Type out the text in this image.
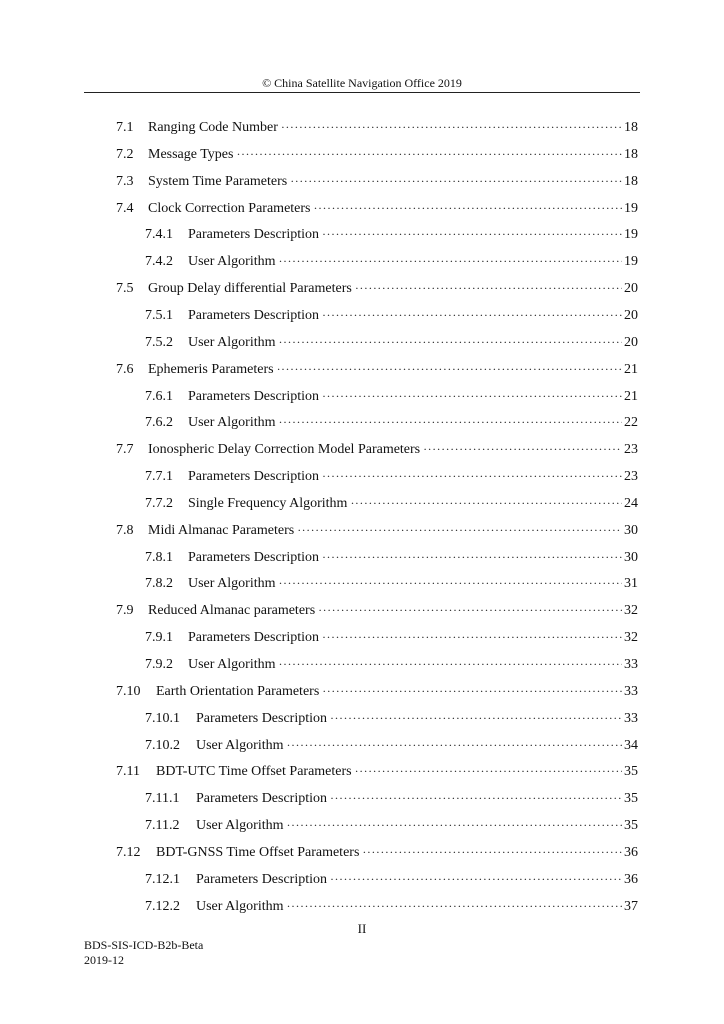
© China Satellite Navigation Office 2019
7.1	Ranging Code Number ·····	18
7.2	Message Types ·····	18
7.3	System Time Parameters ·····	18
7.4	Clock Correction Parameters ·····	19
7.4.1	Parameters Description ·····	19
7.4.2	User Algorithm ·····	19
7.5	Group Delay differential Parameters ·····	20
7.5.1	Parameters Description ·····	20
7.5.2	User Algorithm ·····	20
7.6	Ephemeris Parameters ·····	21
7.6.1	Parameters Description ·····	21
7.6.2	User Algorithm ·····	22
7.7	Ionospheric Delay Correction Model Parameters ·····	23
7.7.1	Parameters Description ·····	23
7.7.2	Single Frequency Algorithm ·····	24
7.8	Midi Almanac Parameters ·····	30
7.8.1	Parameters Description ·····	30
7.8.2	User Algorithm ·····	31
7.9	Reduced Almanac parameters ·····	32
7.9.1	Parameters Description ·····	32
7.9.2	User Algorithm ·····	33
7.10	Earth Orientation Parameters ·····	33
7.10.1	Parameters Description ·····	33
7.10.2	User Algorithm ·····	34
7.11	BDT-UTC Time Offset Parameters ·····	35
7.11.1	Parameters Description ·····	35
7.11.2	User Algorithm ·····	35
7.12	BDT-GNSS Time Offset Parameters ·····	36
7.12.1	Parameters Description ·····	36
7.12.2	User Algorithm ·····	37
II
BDS-SIS-ICD-B2b-Beta
2019-12
